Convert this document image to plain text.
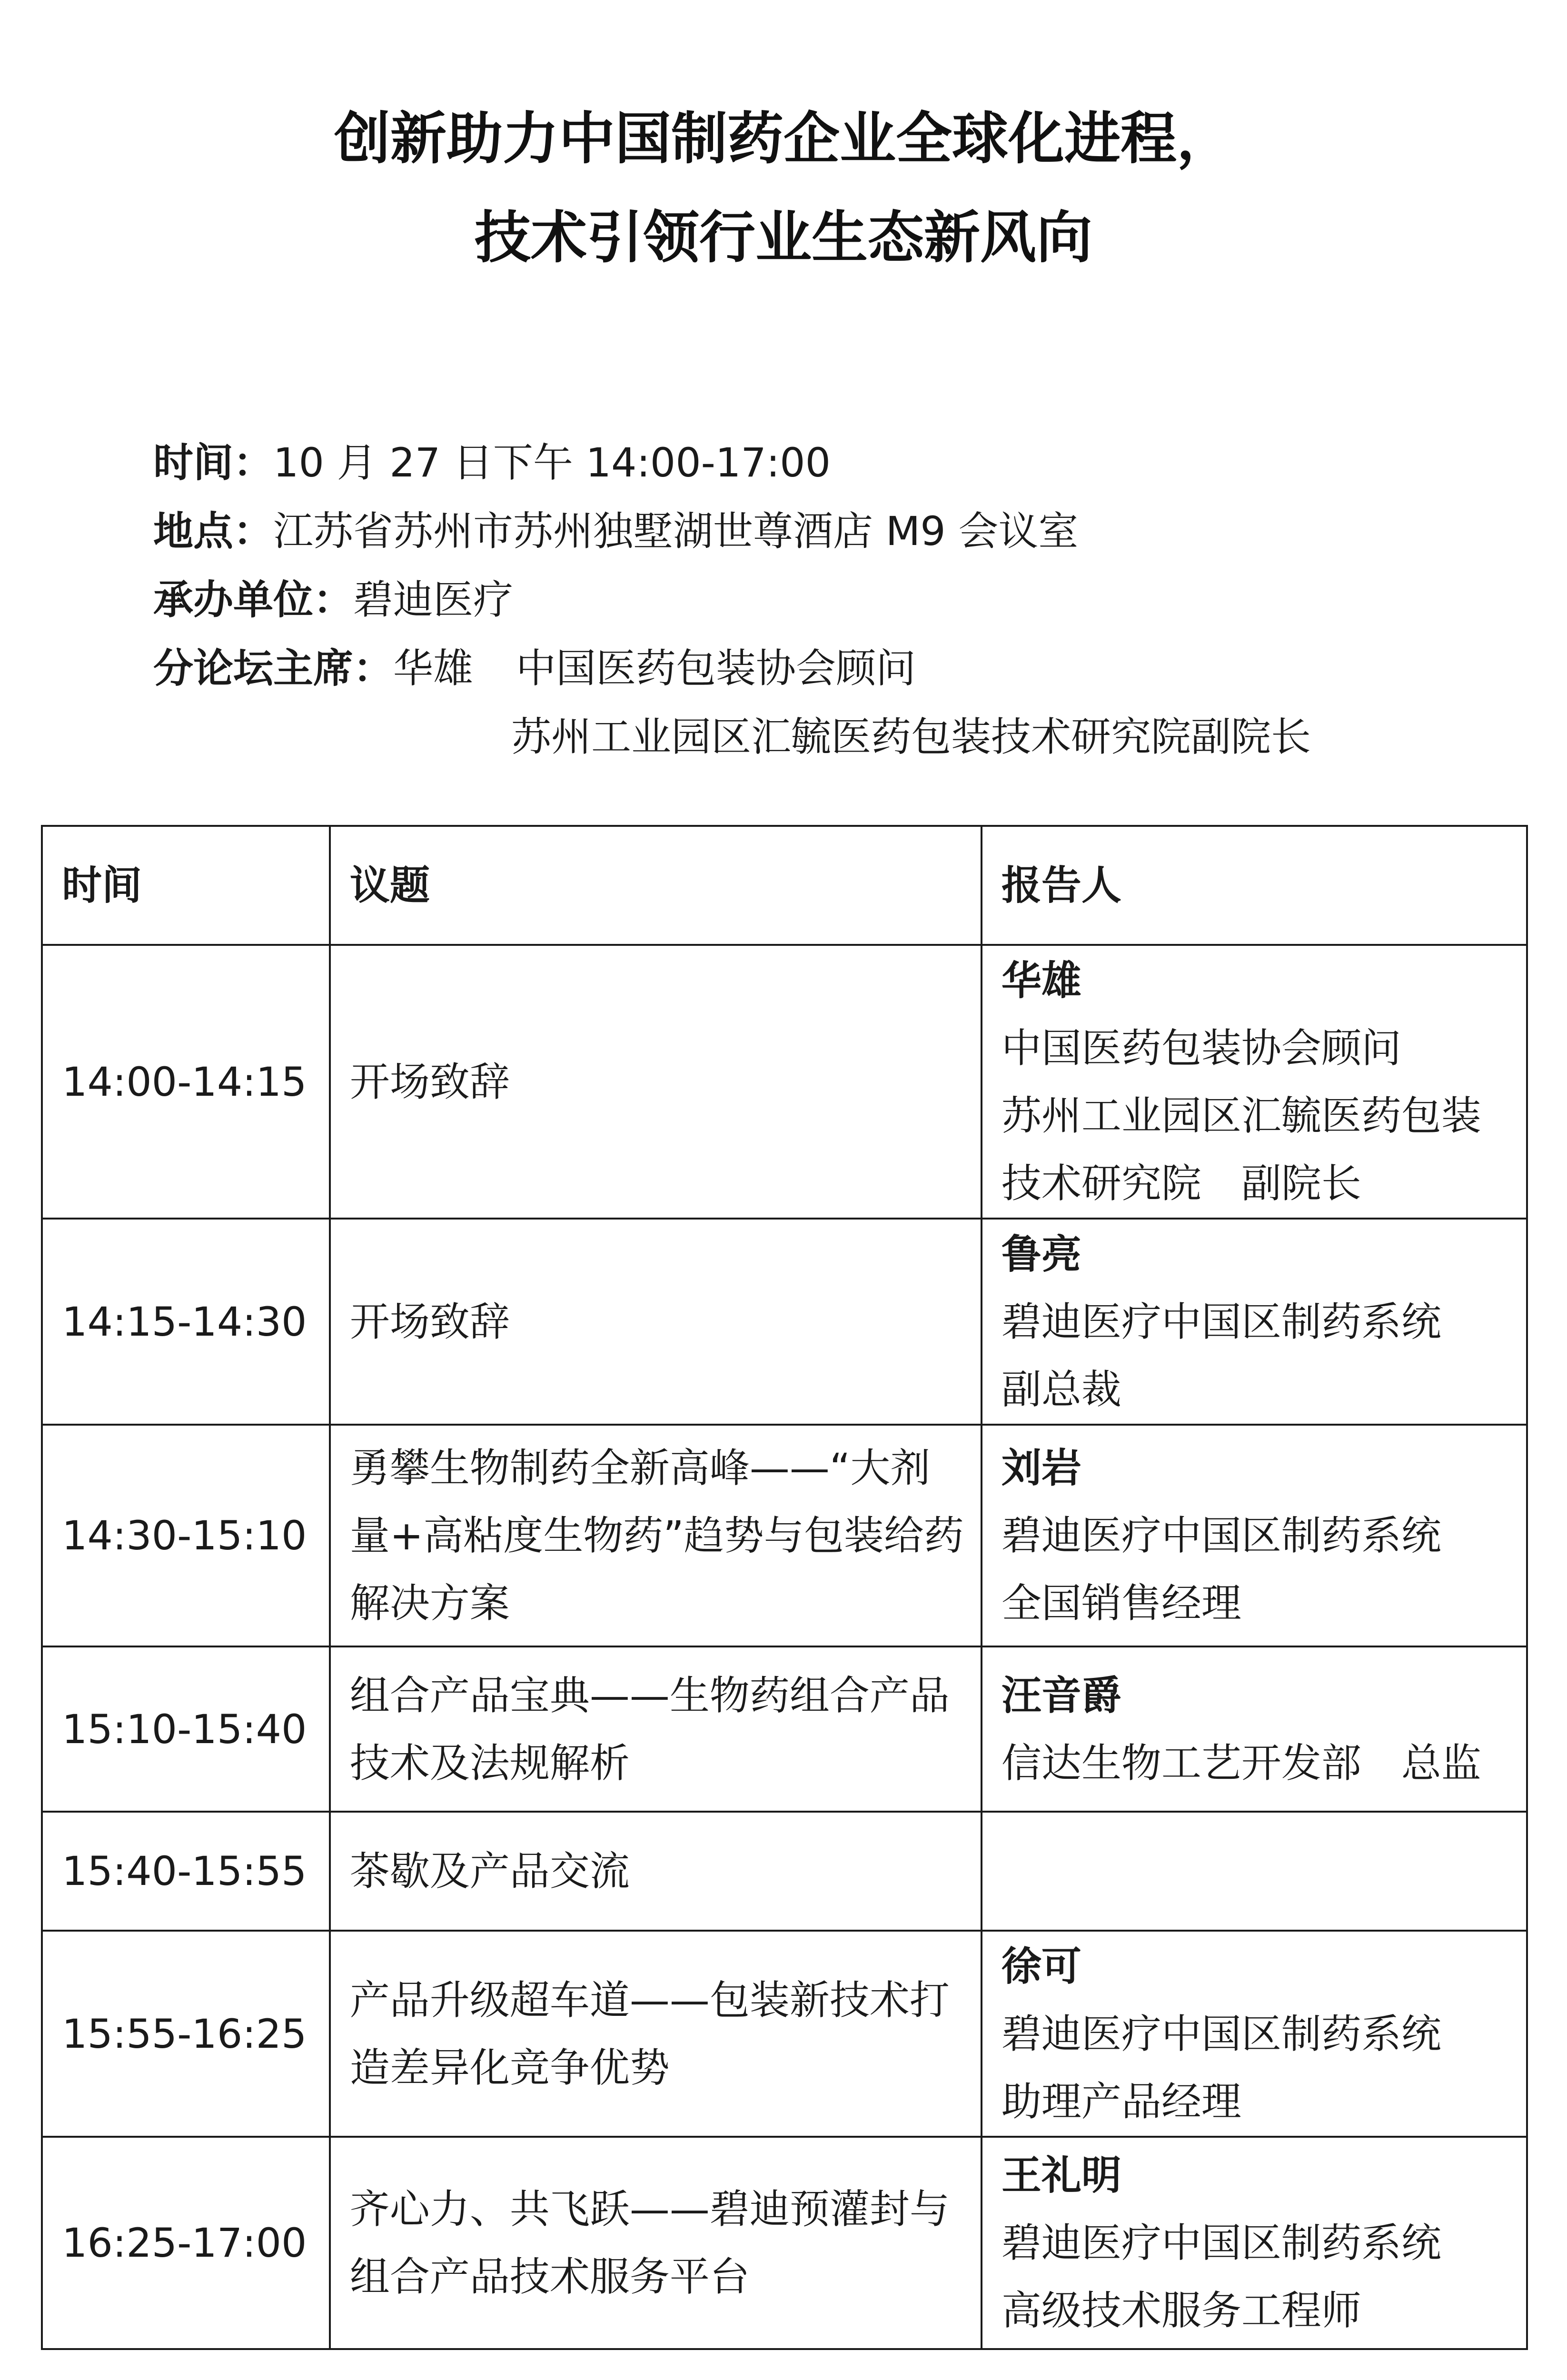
创新助力中国制药企业全球化进程，
技术引领行业生态新风向
时间：10 月 27 日下午 14:00-17:00
地点：江苏省苏州市苏州独墅湖世尊酒店 M9 会议室
承办单位：碧迪医疗
分论坛主席：华雄 中国医药包装协会顾问
苏州工业园区汇毓医药包装技术研究院副院长
时间	议题	报告人
14:00-14:15	开场致辞	华雄
中国医药包装协会顾问
苏州工业园区汇毓医药包装
技术研究院　副院长

14:15-14:30	开场致辞	鲁亮
碧迪医疗中国区制药系统
副总裁

14:30-15:10	勇攀生物制药全新高峰——“大剂
量+高粘度生物药”趋势与包装给药
解决方案	刘岩
碧迪医疗中国区制药系统
全国销售经理

15:10-15:40	组合产品宝典——生物药组合产品
技术及法规解析	汪音爵
信达生物工艺开发部　总监

15:40-15:55	茶歇及产品交流	

15:55-16:25	产品升级超车道——包装新技术打
造差异化竞争优势	徐可
碧迪医疗中国区制药系统
助理产品经理

16:25-17:00	齐心力、共飞跃——碧迪预灌封与
组合产品技术服务平台	王礼明
碧迪医疗中国区制药系统
高级技术服务工程师
